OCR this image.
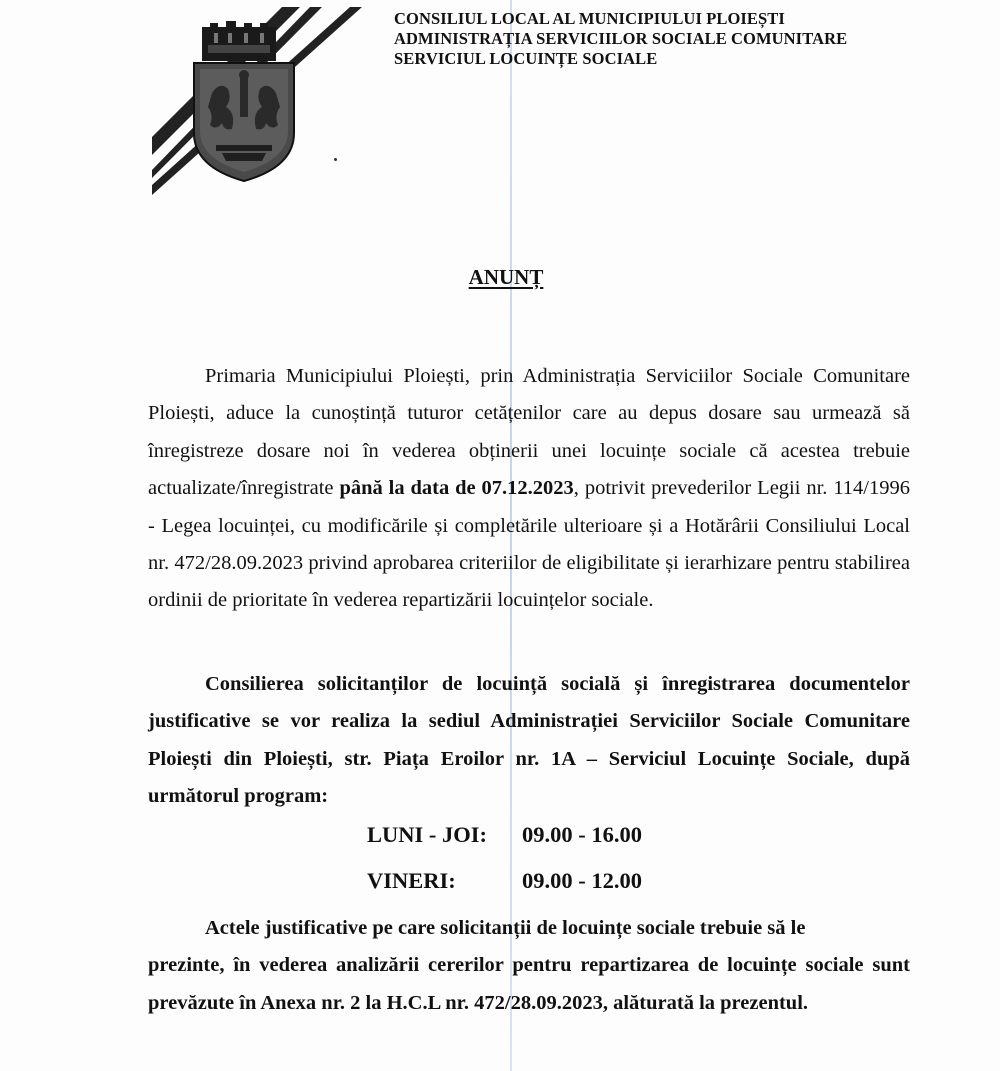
CONSILIUL LOCAL AL MUNICIPIULUI PLOIEȘTI
ADMINISTRAȚIA SERVICIILOR SOCIALE COMUNITARE
SERVICIUL LOCUINȚE SOCIALE
ANUNȚ
Primaria Municipiului Ploiești, prin Administrația Serviciilor Sociale Comunitare Ploiești, aduce la cunoștință tuturor cetățenilor care au depus dosare sau urmează să înregistreze dosare noi în vederea obținerii unei locuințe sociale că acestea trebuie actualizate/înregistrate până la data de 07.12.2023, potrivit prevederilor Legii nr. 114/1996 - Legea locuinței, cu modificările și completările ulterioare și a Hotărârii Consiliului Local nr. 472/28.09.2023 privind aprobarea criteriilor de eligibilitate și ierarhizare pentru stabilirea ordinii de prioritate în vederea repartizării locuințelor sociale.
Consilierea solicitanților de locuință socială și înregistrarea documentelor justificative se vor realiza la sediul Administrației Serviciilor Sociale Comunitare Ploiești din Ploiești, str. Piața Eroilor nr. 1A – Serviciul Locuințe Sociale, după următorul program:
LUNI - JOI: 09.00 - 16.00
VINERI:	09.00 - 12.00
Actele justificative pe care solicitanții de locuințe sociale trebuie să le
prezinte, în vederea analizării cererilor pentru repartizarea de locuințe sociale sunt prevăzute în Anexa nr. 2 la H.C.L nr. 472/28.09.2023, alăturată la prezentul.
